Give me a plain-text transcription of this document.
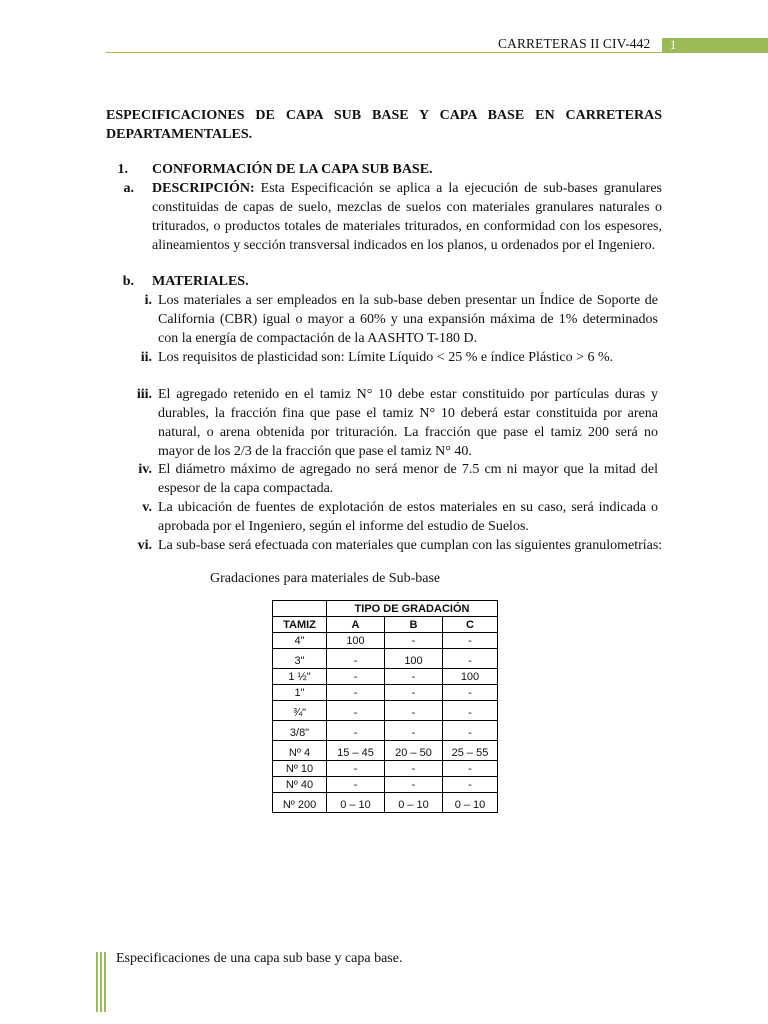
CARRETERAS II CIV-442	1
ESPECIFICACIONES DE CAPA SUB BASE Y CAPA BASE EN CARRETERAS DEPARTAMENTALES.
1. CONFORMACIÓN DE LA CAPA SUB BASE.
a. DESCRIPCIÓN: Esta Especificación se aplica a la ejecución de sub-bases granulares constituidas de capas de suelo, mezclas de suelos con materiales granulares naturales o triturados, o productos totales de materiales triturados, en conformidad con los espesores, alineamientos y sección transversal indicados en los planos, u ordenados por el Ingeniero.
b. MATERIALES.
i. Los materiales a ser empleados en la sub-base deben presentar un Índice de Soporte de California (CBR) igual o mayor a 60% y una expansión máxima de 1% determinados con la energía de compactación de la AASHTO T-180 D.
ii. Los requisitos de plasticidad son: Límite Líquido < 25 % e índice Plástico > 6 %.
iii. El agregado retenido en el tamiz N° 10 debe estar constituido por partículas duras y durables, la fracción fina que pase el tamiz N° 10 deberá estar constituida por arena natural, o arena obtenida por trituración. La fracción que pase el tamiz 200 será no mayor de los 2/3 de la fracción que pase el tamiz N° 40.
iv. El diámetro máximo de agregado no será menor de 7.5 cm ni mayor que la mitad del espesor de la capa compactada.
v. La ubicación de fuentes de explotación de estos materiales en su caso, será indicada o aprobada por el Ingeniero, según el informe del estudio de Suelos.
vi. La sub-base será efectuada con materiales que cumplan con las siguientes granulometrías:
Gradaciones para materiales de Sub-base
	TIPO DE GRADACIÓN		
TAMIZ	A	B	C
4"	100	-	-
3"	-	100	-
1 ½"	-	-	100
1"	-	-	-
¾"	-	-	-
3/8"	-	-	-
Nº 4	15 – 45	20 – 50	25 – 55
Nº 10	-	-	-
Nº 40	-	-	-
Nº 200	0 – 10	0 – 10	0 – 10
Especificaciones de una capa sub base y capa base.
